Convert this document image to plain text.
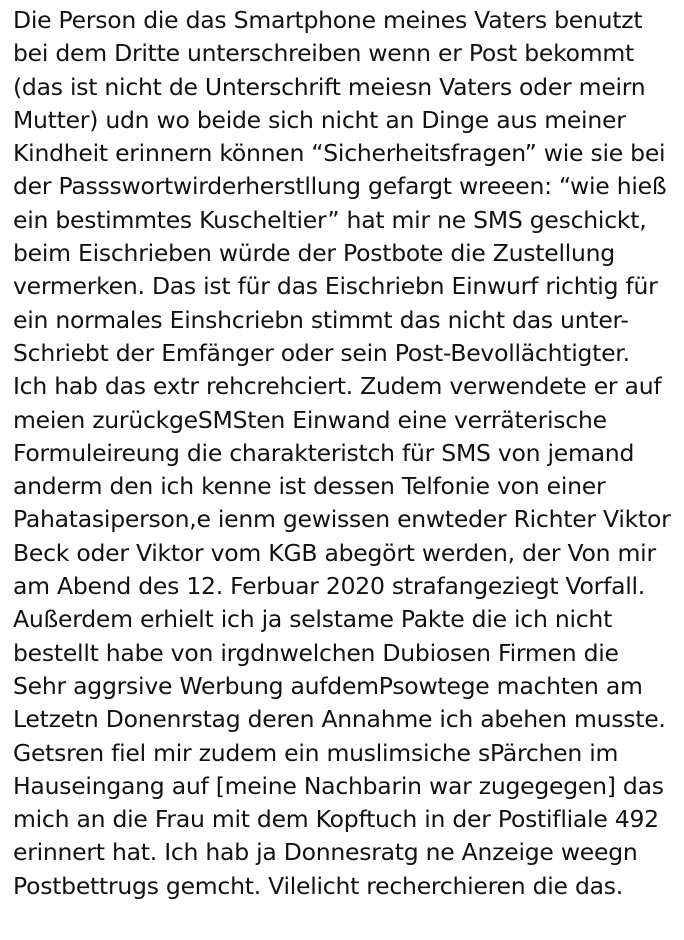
Die Person die das Smartphone meines Vaters benutzt
bei dem Dritte unterschreiben wenn er Post bekommt
(das ist nicht de Unterschrift meiesn Vaters oder meirn
Mutter) udn wo beide sich nicht an Dinge aus meiner
Kindheit erinnern können “Sicherheitsfragen” wie sie bei
der Passswortwirderherstllung gefargt wreeen: “wie hieß
ein bestimmtes Kuscheltier” hat mir ne SMS geschickt,
beim Eischrieben würde der Postbote die Zustellung
vermerken. Das ist für das Eischriebn Einwurf richtig für
ein normales Einshcriebn stimmt das nicht das unter-
Schriebt der Emfänger oder sein Post-Bevollächtigter.
Ich hab das extr rehcrehciert. Zudem verwendete er auf
meien zurückgeSMSten Einwand eine verräterische
Formuleireung die charakteristch für SMS von jemand
anderm den ich kenne ist dessen Telfonie von einer
Pahatasiperson,e ienm gewissen enwteder Richter Viktor
Beck oder Viktor vom KGB abegört werden, der Von mir
am Abend des 12. Ferbuar 2020 strafangeziegt Vorfall.
Außerdem erhielt ich ja selstame Pakte die ich nicht
bestellt habe von irgdnwelchen Dubiosen Firmen die
Sehr aggrsive Werbung aufdemPsowtege machten am
Letzetn Donenrstag deren Annahme ich abehen musste.
Getsren fiel mir zudem ein muslimsiche sPärchen im
Hauseingang auf [meine Nachbarin war zugegegen] das
mich an die Frau mit dem Kopftuch in der Postifliale 492
erinnert hat. Ich hab ja Donnesratg ne Anzeige weegn
Postbettrugs gemcht. Vilelicht recherchieren die das.
